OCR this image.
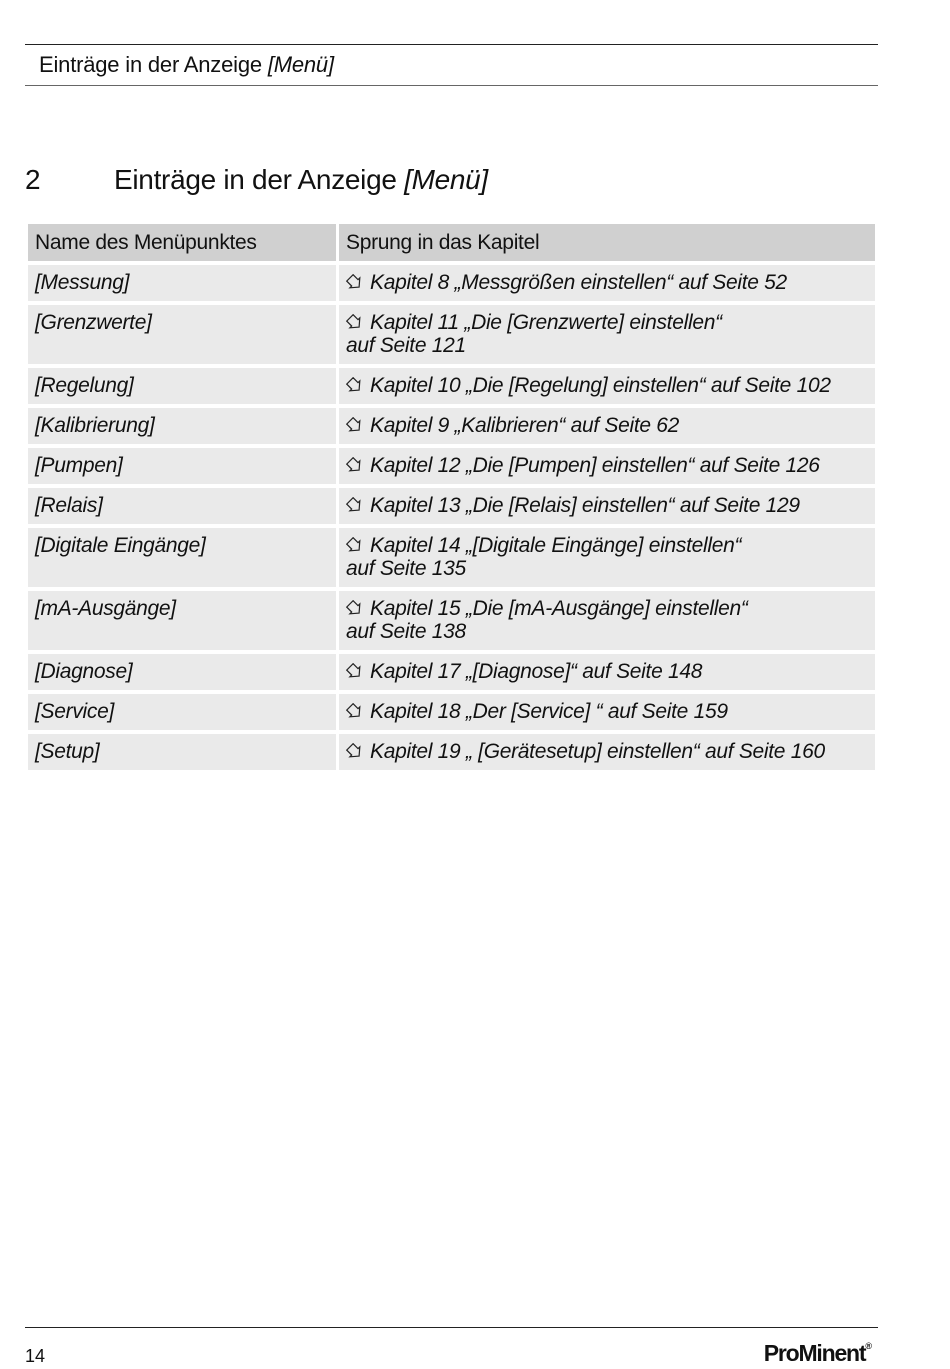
Einträge in der Anzeige [Menü]
2	Einträge in der Anzeige [Menü]
Name des Menüpunktes	Sprung in das Kapitel
[Messung]	Kapitel 8 „Messgrößen einstellen“ auf Seite 52
[Grenzwerte]	Kapitel 11 „Die [Grenzwerte] einstellen“
auf Seite 121
[Regelung]	Kapitel 10 „Die [Regelung] einstellen“ auf Seite 102
[Kalibrierung]	Kapitel 9 „Kalibrieren“ auf Seite 62
[Pumpen]	Kapitel 12 „Die [Pumpen] einstellen“ auf Seite 126
[Relais]	Kapitel 13 „Die [Relais] einstellen“ auf Seite 129
[Digitale Eingänge]	Kapitel 14 „[Digitale Eingänge] einstellen“
auf Seite 135
[mA-Ausgänge]	Kapitel 15 „Die [mA-Ausgänge] einstellen“
auf Seite 138
[Diagnose]	Kapitel 17 „[Diagnose]“ auf Seite 148
[Service]	Kapitel 18 „Der [Service] “ auf Seite 159
[Setup]	Kapitel 19 „ [Gerätesetup] einstellen“ auf Seite 160
14	ProMinent®
